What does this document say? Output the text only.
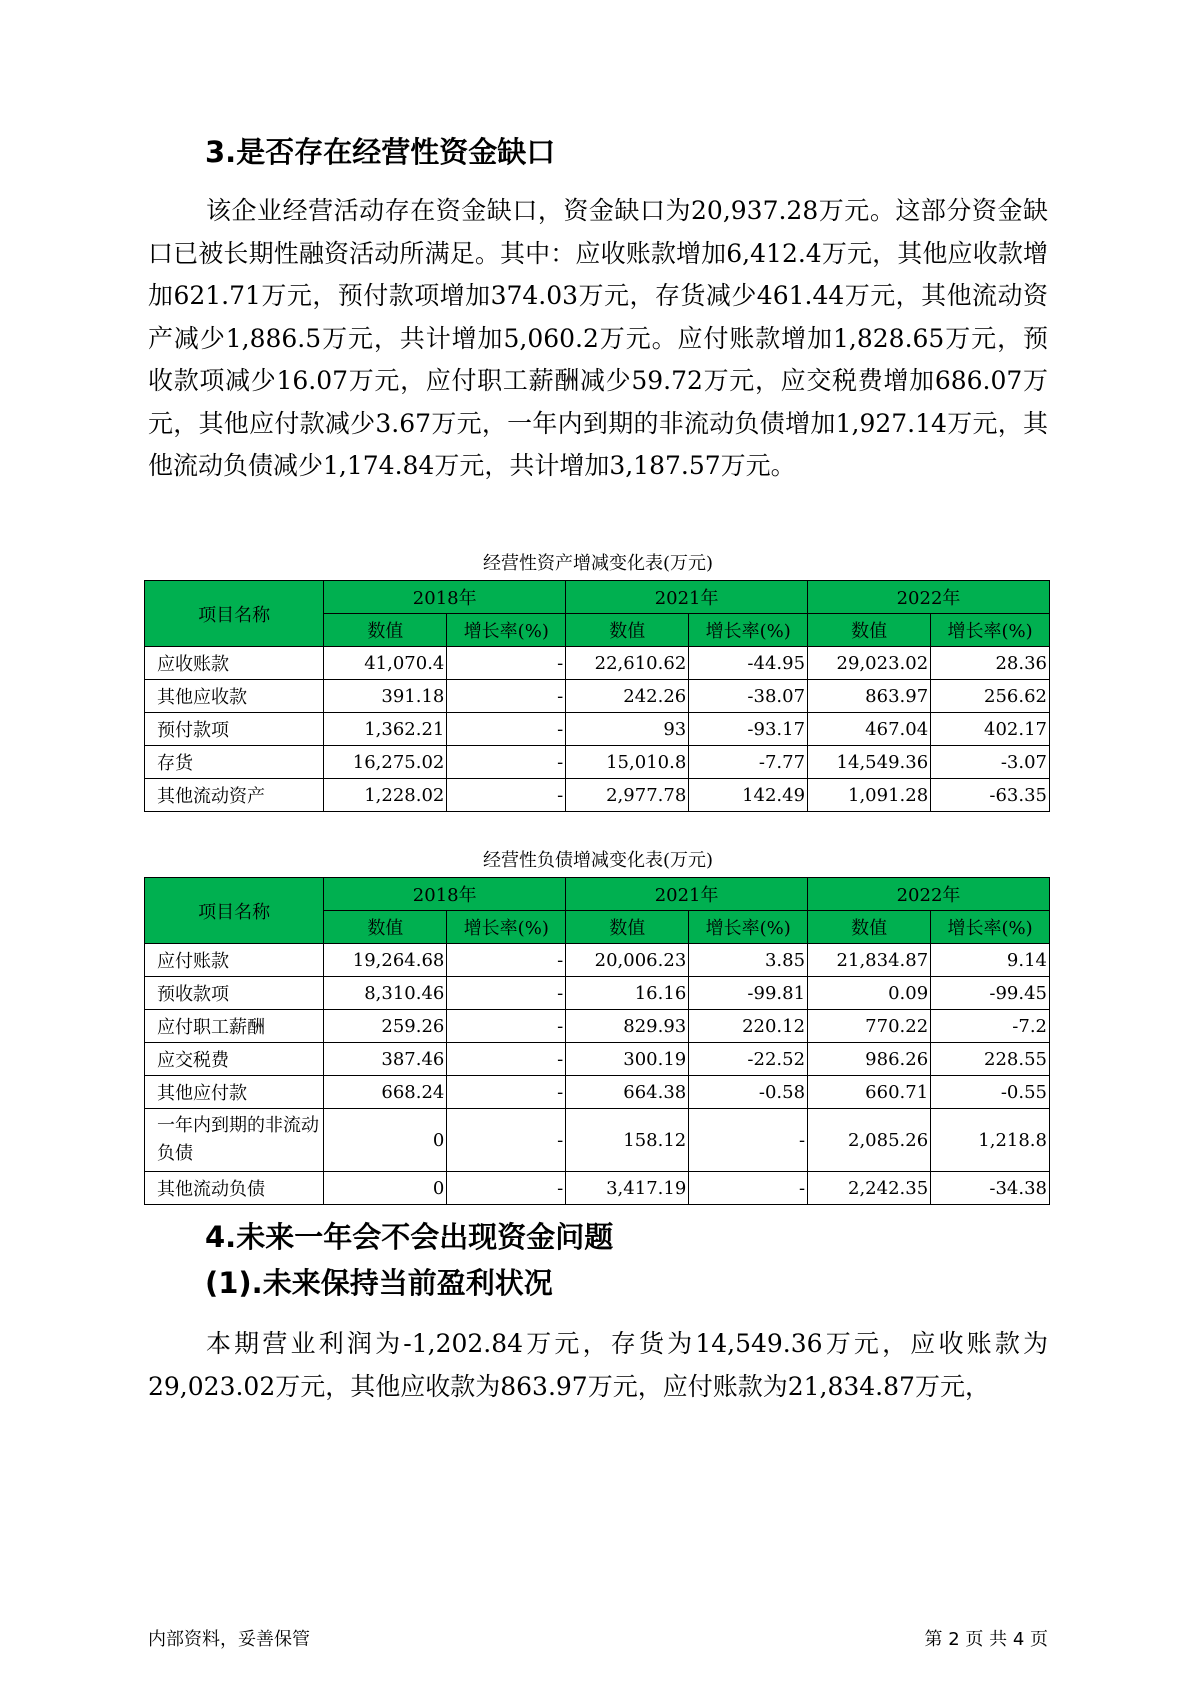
3.是否存在经营性资金缺口

该企业经营活动存在资金缺口，资金缺口为20,937.28万元。这部分资金缺口已被长期性融资活动所满足。其中：应收账款增加6,412.4万元，其他应收款增加621.71万元，预付款项增加374.03万元，存货减少461.44万元，其他流动资产减少1,886.5万元，共计增加5,060.2万元。应付账款增加1,828.65万元，预收款项减少16.07万元，应付职工薪酬减少59.72万元，应交税费增加686.07万元，其他应付款减少3.67万元，一年内到期的非流动负债增加1,927.14万元，其他流动负债减少1,174.84万元，共计增加3,187.57万元。

经营性资产增减变化表(万元)
项目名称	2018年		2021年		2022年	
	数值	增长率(%)	数值	增长率(%)	数值	增长率(%)
应收账款	41,070.4	-	22,610.62	-44.95	29,023.02	28.36
其他应收款	391.18	-	242.26	-38.07	863.97	256.62
预付款项	1,362.21	-	93	-93.17	467.04	402.17
存货	16,275.02	-	15,010.8	-7.77	14,549.36	-3.07
其他流动资产	1,228.02	-	2,977.78	142.49	1,091.28	-63.35
经营性负债增减变化表(万元)
项目名称	2018年		2021年		2022年	
	数值	增长率(%)	数值	增长率(%)	数值	增长率(%)
应付账款	19,264.68	-	20,006.23	3.85	21,834.87	9.14
预收款项	8,310.46	-	16.16	-99.81	0.09	-99.45
应付职工薪酬	259.26	-	829.93	220.12	770.22	-7.2
应交税费	387.46	-	300.19	-22.52	986.26	228.55
其他应付款	668.24	-	664.38	-0.58	660.71	-0.55
一年内到期的非流动负债	0	-	158.12	-	2,085.26	1,218.8
其他流动负债	0	-	3,417.19	-	2,242.35	-34.38
4.未来一年会不会出现资金问题
(1).未来保持当前盈利状况

本期营业利润为-1,202.84万元，存货为14,549.36万元，应收账款为29,023.02万元，其他应收款为863.97万元，应付账款为21,834.87万元，

内部资料，妥善保管	第 2 页 共 4 页
